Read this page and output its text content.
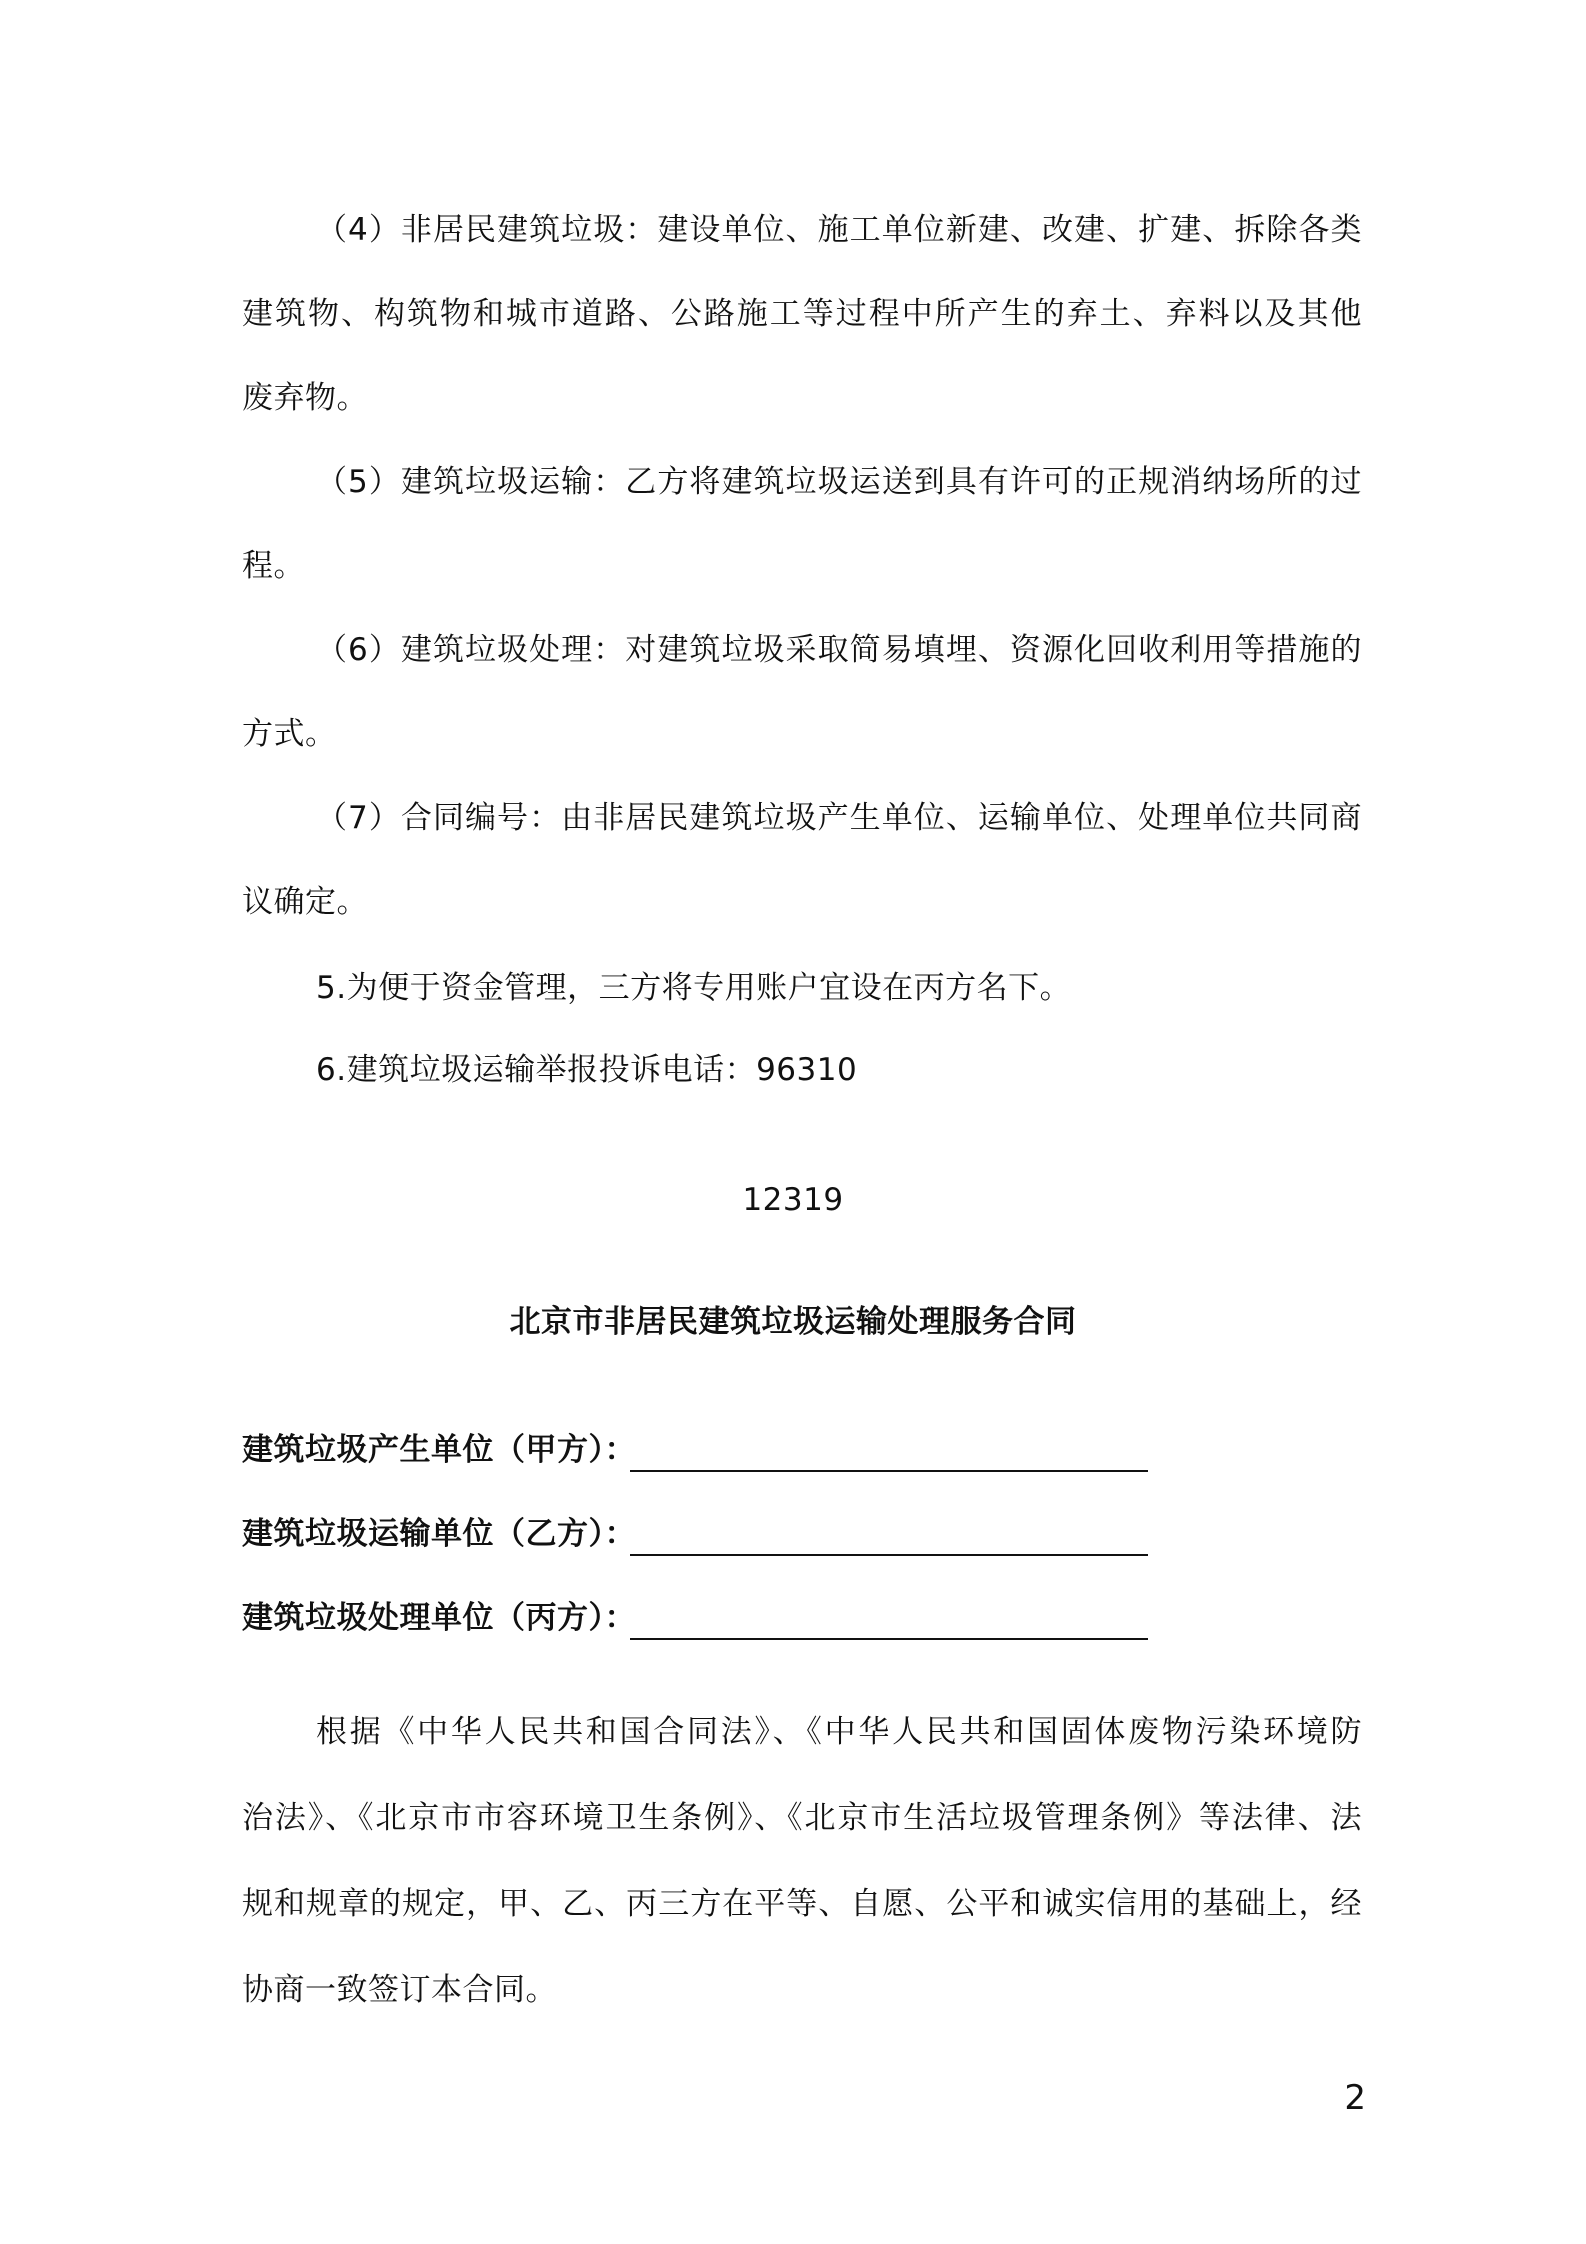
（4）非居民建筑垃圾：建设单位、施工单位新建、改建、扩建、拆除各类
建筑物、构筑物和城市道路、公路施工等过程中所产生的弃土、弃料以及其他
废弃物。
（5）建筑垃圾运输：乙方将建筑垃圾运送到具有许可的正规消纳场所的过
程。
（6）建筑垃圾处理：对建筑垃圾采取简易填埋、资源化回收利用等措施的
方式。
（7）合同编号：由非居民建筑垃圾产生单位、运输单位、处理单位共同商
议确定。
5.为便于资金管理，三方将专用账户宜设在丙方名下。
6.建筑垃圾运输举报投诉电话：96310
12319
北京市非居民建筑垃圾运输处理服务合同
建筑垃圾产生单位（甲方）：
建筑垃圾运输单位（乙方）：
建筑垃圾处理单位（丙方）：
根据《中华人民共和国合同法》、《中华人民共和国固体废物污染环境防
治法》、《北京市市容环境卫生条例》、《北京市生活垃圾管理条例》等法律、法
规和规章的规定，甲、乙、丙三方在平等、自愿、公平和诚实信用的基础上，经
协商一致签订本合同。
2
